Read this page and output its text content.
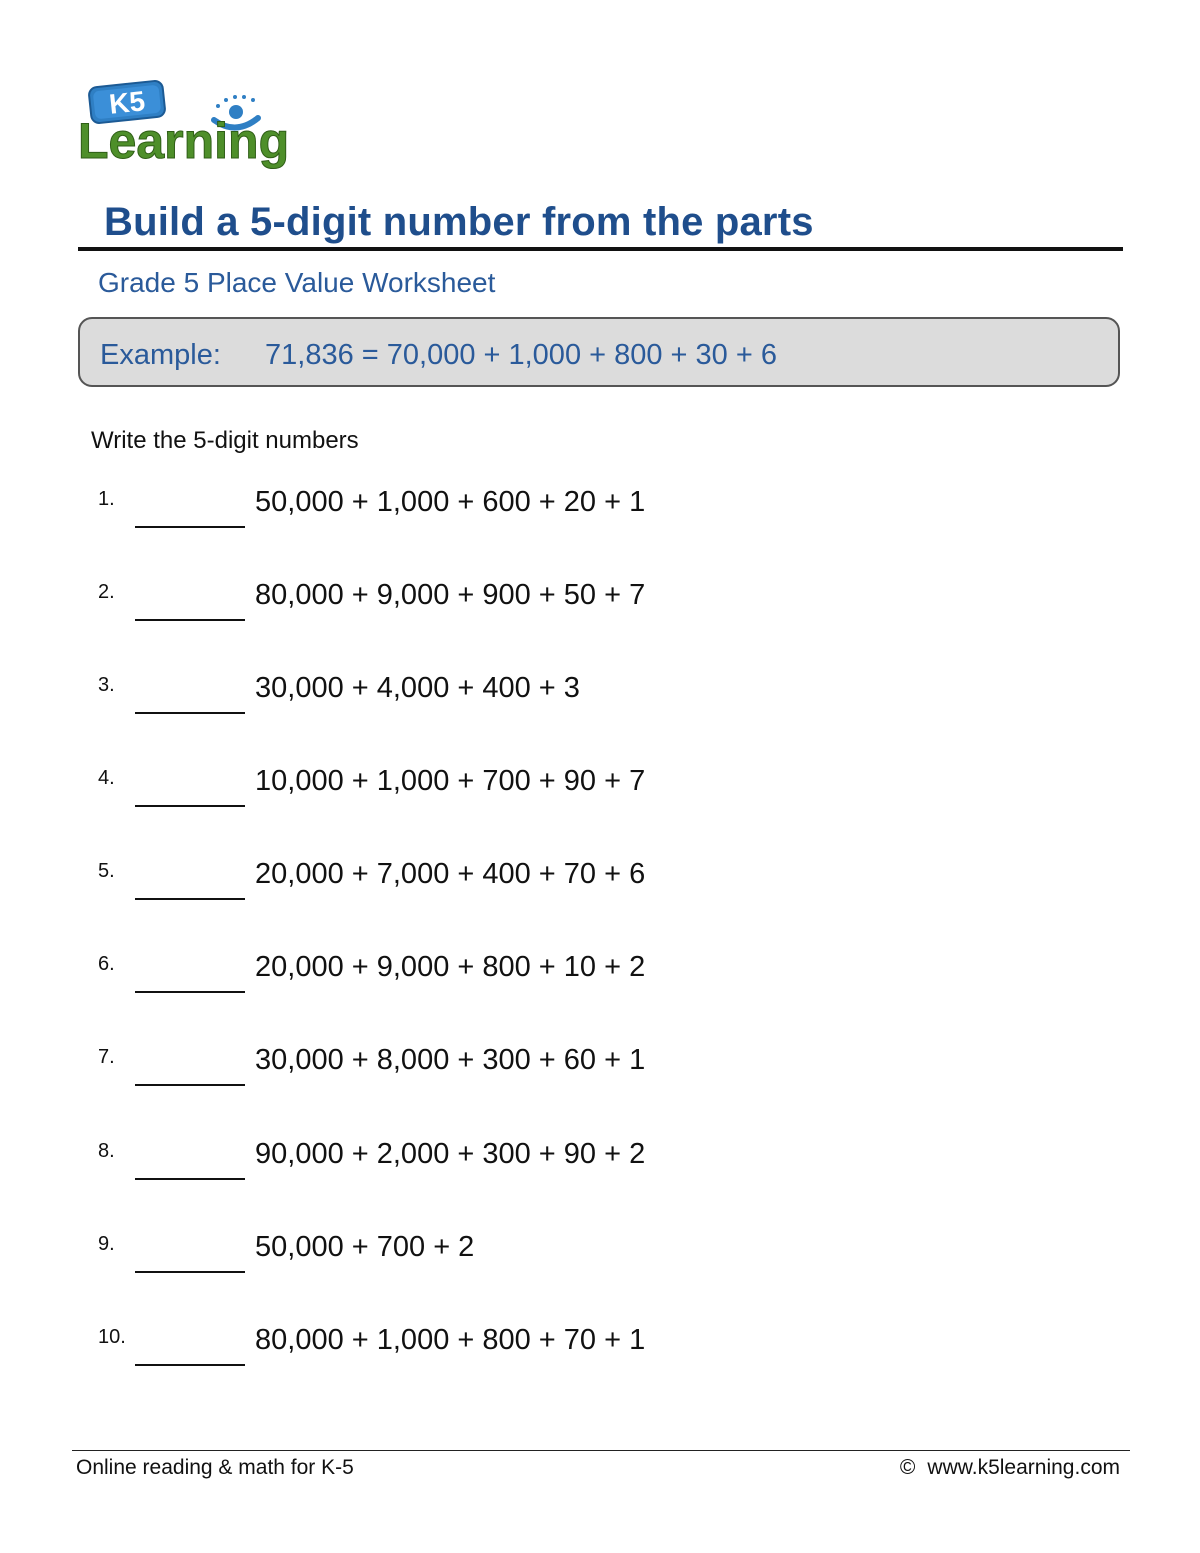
K5
Learning
Build a 5-digit number from the parts
Grade 5 Place Value Worksheet
Example: 71,836 = 70,000 + 1,000 + 800 + 30 + 6
Write the 5-digit numbers
1.	50,000 + 1,000 + 600 + 20 + 1
2.	80,000 + 9,000 + 900 + 50 + 7
3.	30,000 + 4,000 + 400 + 3
4.	10,000 + 1,000 + 700 + 90 + 7
5.	20,000 + 7,000 + 400 + 70 + 6
6.	20,000 + 9,000 + 800 + 10 + 2
7.	30,000 + 8,000 + 300 + 60 + 1
8.	90,000 + 2,000 + 300 + 90 + 2
9.	50,000 + 700 + 2
10.	80,000 + 1,000 + 800 + 70 + 1
Online reading & math for K-5	© www.k5learning.com
